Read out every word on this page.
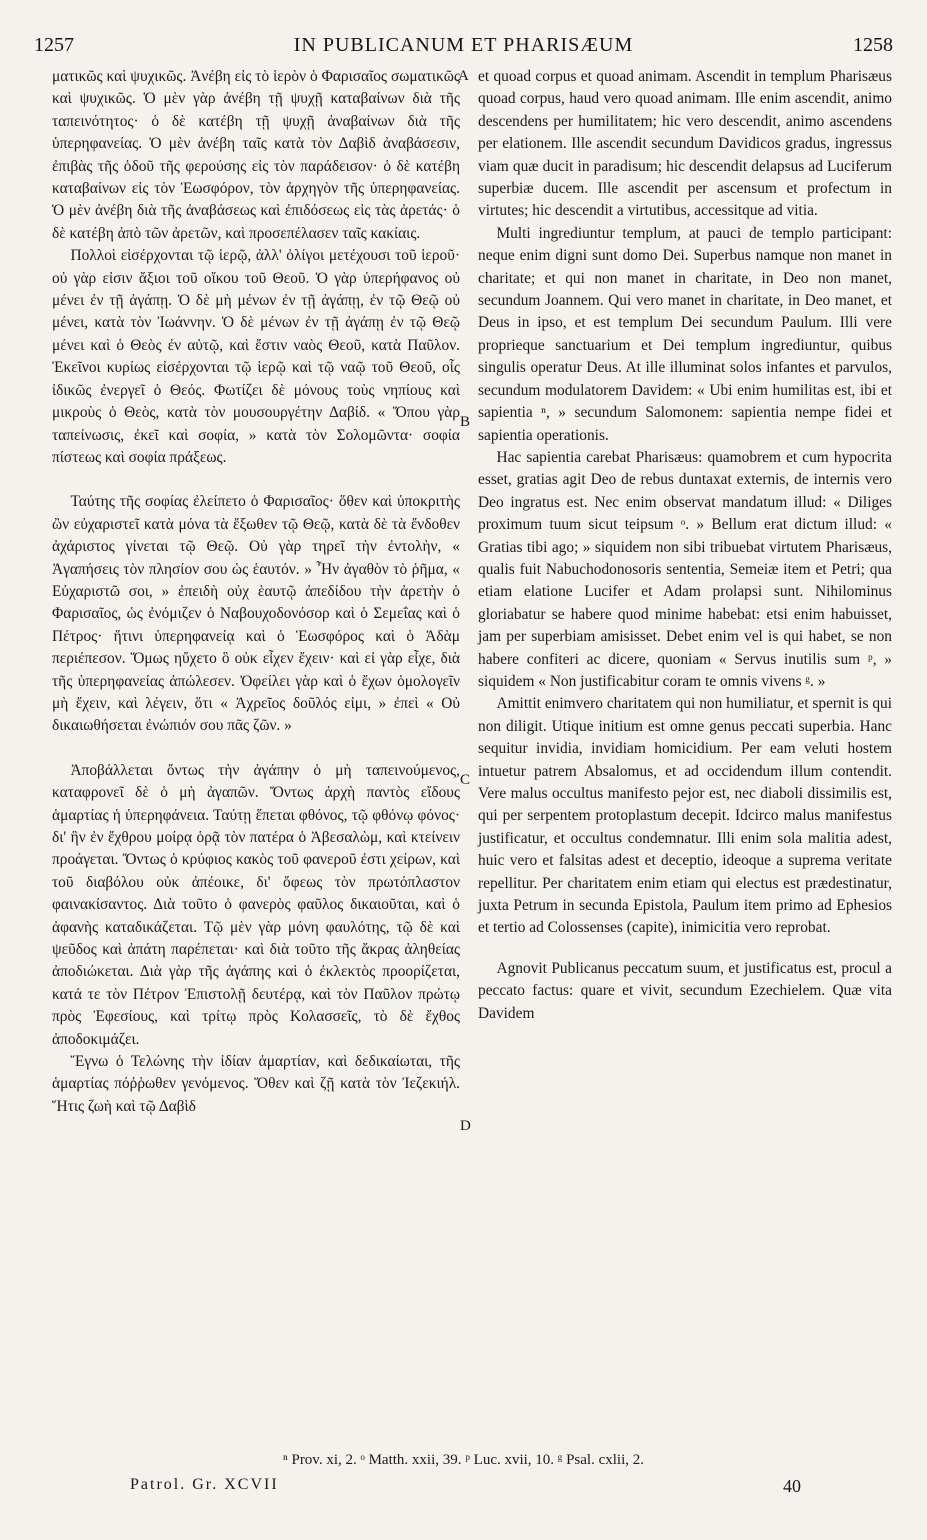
1257	IN PUBLICANUM ET PHARISÆUM	1258

ματικῶς καὶ ψυχικῶς. Ἀνέβη εἰς τὸ ἱερὸν ὁ Φαρισαῖος σωματικῶς καὶ ψυχικῶς. Ὁ μὲν γὰρ ἀνέβη τῇ ψυχῇ καταβαίνων διὰ τῆς ταπεινότητος· ὁ δὲ κατέβη τῇ ψυχῇ ἀναβαίνων διὰ τῆς ὑπερηφανείας. Ὁ μὲν ἀνέβη ταῖς κατὰ τὸν Δαβὶδ ἀναβάσεσιν, ἐπιβὰς τῆς ὁδοῦ τῆς φερούσης εἰς τὸν παράδεισον· ὁ δὲ κατέβη καταβαίνων εἰς τὸν Ἑωσφόρον, τὸν ἀρχηγὸν τῆς ὑπερηφανείας. Ὁ μὲν ἀνέβη διὰ τῆς ἀναβάσεως καὶ ἐπιδόσεως εἰς τὰς ἀρετάς· ὁ δὲ κατέβη ἀπὸ τῶν ἀρετῶν, καὶ προσεπέλασεν ταῖς κακίαις.

Πολλοὶ εἰσέρχονται τῷ ἱερῷ, ἀλλ' ὀλίγοι μετέχουσι τοῦ ἱεροῦ· οὐ γὰρ εἰσιν ἄξιοι τοῦ οἴκου τοῦ Θεοῦ. Ὁ γὰρ ὑπερήφανος οὐ μένει ἐν τῇ ἀγάπῃ. Ὁ δὲ μὴ μένων ἐν τῇ ἀγάπῃ, ἐν τῷ Θεῷ οὐ μένει, κατὰ τὸν Ἰωάννην. Ὁ δὲ μένων ἐν τῇ ἀγάπῃ ἐν τῷ Θεῷ μένει καὶ ὁ Θεὸς ἐν αὐτῷ, καὶ ἔστιν ναὸς Θεοῦ, κατὰ Παῦλον. Ἐκεῖνοι κυρίως εἰσέρχονται τῷ ἱερῷ καὶ τῷ ναῷ τοῦ Θεοῦ, οἷς ἰδικῶς ἐνεργεῖ ὁ Θεός. Φωτίζει δὲ μόνους τοὺς νηπίους καὶ μικροὺς ὁ Θεὸς, κατὰ τὸν μουσουργέτην Δαβίδ. « Ὅπου γὰρ ταπείνωσις, ἐκεῖ καὶ σοφία, » κατὰ τὸν Σολομῶντα· σοφία πίστεως καὶ σοφία πράξεως.

Ταύτης τῆς σοφίας ἐλείπετο ὁ Φαρισαῖος· ὅθεν καὶ ὑποκριτὴς ὢν εὐχαριστεῖ κατὰ μόνα τὰ ἔξωθεν τῷ Θεῷ, κατὰ δὲ τὰ ἔνδοθεν ἀχάριστος γίνεται τῷ Θεῷ. Οὐ γὰρ τηρεῖ τὴν ἐντολὴν, « Ἀγαπήσεις τὸν πλησίον σου ὡς ἑαυτόν. » Ἦν ἀγαθὸν τὸ ῥῆμα, « Εὐχαριστῶ σοι, » ἐπειδὴ οὐχ ἑαυτῷ ἀπεδίδου τὴν ἀρετὴν ὁ Φαρισαῖος, ὡς ἐνόμιζεν ὁ Ναβουχοδονόσορ καὶ ὁ Σεμεΐας καὶ ὁ Πέτρος· ἥτινι ὑπερηφανείᾳ καὶ ὁ Ἑωσφόρος καὶ ὁ Ἀδὰμ περιέπεσον. Ὅμως ηὔχετο ὃ οὐκ εἶχεν ἔχειν· καὶ εἰ γὰρ εἶχε, διὰ τῆς ὑπερηφανείας ἀπώλεσεν. Ὀφείλει γὰρ καὶ ὁ ἔχων ὁμολογεῖν μὴ ἔχειν, καὶ λέγειν, ὅτι « Ἀχρεῖος δοῦλός εἰμι, » ἐπεὶ « Οὐ δικαιωθήσεται ἐνώπιόν σου πᾶς ζῶν. »

Ἀποβάλλεται ὄντως τὴν ἀγάπην ὁ μὴ ταπεινούμενος, καταφρονεῖ δὲ ὁ μὴ ἀγαπῶν. Ὄντως ἀρχὴ παντὸς εἴδους ἁμαρτίας ἡ ὑπερηφάνεια. Ταύτῃ ἕπεται φθόνος, τῷ φθόνῳ φόνος· δι' ἣν ἐν ἔχθρου μοίρᾳ ὁρᾷ τὸν πατέρα ὁ Ἀβεσαλὼμ, καὶ κτείνειν προάγεται. Ὄντως ὁ κρύφιος κακὸς τοῦ φανεροῦ ἐστι χείρων, καὶ τοῦ διαβόλου οὐκ ἀπέοικε, δι' ὄφεως τὸν πρωτόπλαστον φαινακίσαντος. Διὰ τοῦτο ὁ φανερὸς φαῦλος δικαιοῦται, καὶ ὁ ἀφανὴς καταδικάζεται. Τῷ μὲν γὰρ μόνη φαυλότης, τῷ δὲ καὶ ψεῦδος καὶ ἀπάτη παρέπεται· καὶ διὰ τοῦτο τῆς ἄκρας ἀληθείας ἀποδιώκεται. Διὰ γὰρ τῆς ἀγάπης καὶ ὁ ἐκλεκτὸς προορίζεται, κατά τε τὸν Πέτρον Ἐπιστολῇ δευτέρᾳ, καὶ τὸν Παῦλον πρώτῳ πρὸς Ἐφεσίους, καὶ τρίτῳ πρὸς Κολασσεῖς, τὸ δὲ ἔχθος ἀποδοκιμάζει.

Ἔγνω ὁ Τελώνης τὴν ἰδίαν ἁμαρτίαν, καὶ δεδικαίωται, τῆς ἁμαρτίας πόῤῥωθεν γενόμενος. Ὅθεν καὶ ζῇ κατὰ τὸν Ἰεζεκιήλ. Ἥτις ζωὴ καὶ τῷ Δαβὶδ

A
B
C
D

et quoad corpus et quoad animam. Ascendit in templum Pharisæus quoad corpus, haud vero quoad animam. Ille enim ascendit, animo descendens per humilitatem; hic vero descendit, animo ascendens per elationem. Ille ascendit secundum Davidicos gradus, ingressus viam quæ ducit in paradisum; hic descendit delapsus ad Luciferum superbiæ ducem. Ille ascendit per ascensum et profectum in virtutes; hic descendit a virtutibus, accessitque ad vitia.

Multi ingrediuntur templum, at pauci de templo participant: neque enim digni sunt domo Dei. Superbus namque non manet in charitate; et qui non manet in charitate, in Deo non manet, secundum Joannem. Qui vero manet in charitate, in Deo manet, et Deus in ipso, et est templum Dei secundum Paulum. Illi vere proprieque sanctuarium et Dei templum ingrediuntur, quibus singulis operatur Deus. At ille illuminat solos infantes et parvulos, secundum modulatorem Davidem: « Ubi enim humilitas est, ibi et sapientia ⁿ, » secundum Salomonem: sapientia nempe fidei et sapientia operationis.

Hac sapientia carebat Pharisæus: quamobrem et cum hypocrita esset, gratias agit Deo de rebus duntaxat externis, de internis vero Deo ingratus est. Nec enim observat mandatum illud: « Diliges proximum tuum sicut teipsum ᵒ. » Bellum erat dictum illud: « Gratias tibi ago; » siquidem non sibi tribuebat virtutem Pharisæus, qualis fuit Nabuchodonosoris sententia, Semeiæ item et Petri; qua etiam elatione Lucifer et Adam prolapsi sunt. Nihilominus gloriabatur se habere quod minime habebat: etsi enim habuisset, jam per superbiam amisisset. Debet enim vel is qui habet, se non habere confiteri ac dicere, quoniam « Servus inutilis sum ᵖ, » siquidem « Non justificabitur coram te omnis vivens ᵍ. »

Amittit enimvero charitatem qui non humiliatur, et spernit is qui non diligit. Utique initium est omne genus peccati superbia. Hanc sequitur invidia, invidiam homicidium. Per eam veluti hostem intuetur patrem Absalomus, et ad occidendum illum contendit. Vere malus occultus manifesto pejor est, nec diaboli dissimilis est, qui per serpentem protoplastum decepit. Idcirco malus manifestus justificatur, et occultus condemnatur. Illi enim sola malitia adest, huic vero et falsitas adest et deceptio, ideoque a suprema veritate repellitur. Per charitatem enim etiam qui electus est prædestinatur, juxta Petrum in secunda Epistola, Paulum item primo ad Ephesios et tertio ad Colossenses (capite), inimicitia vero reprobat.

Agnovit Publicanus peccatum suum, et justificatus est, procul a peccato factus: quare et vivit, secundum Ezechielem. Quæ vita Davidem

ⁿ Prov. xi, 2. ᵒ Matth. xxii, 39. ᵖ Luc. xvii, 10. ᵍ Psal. cxlii, 2.
Patrol. Gr. XCVII	40
